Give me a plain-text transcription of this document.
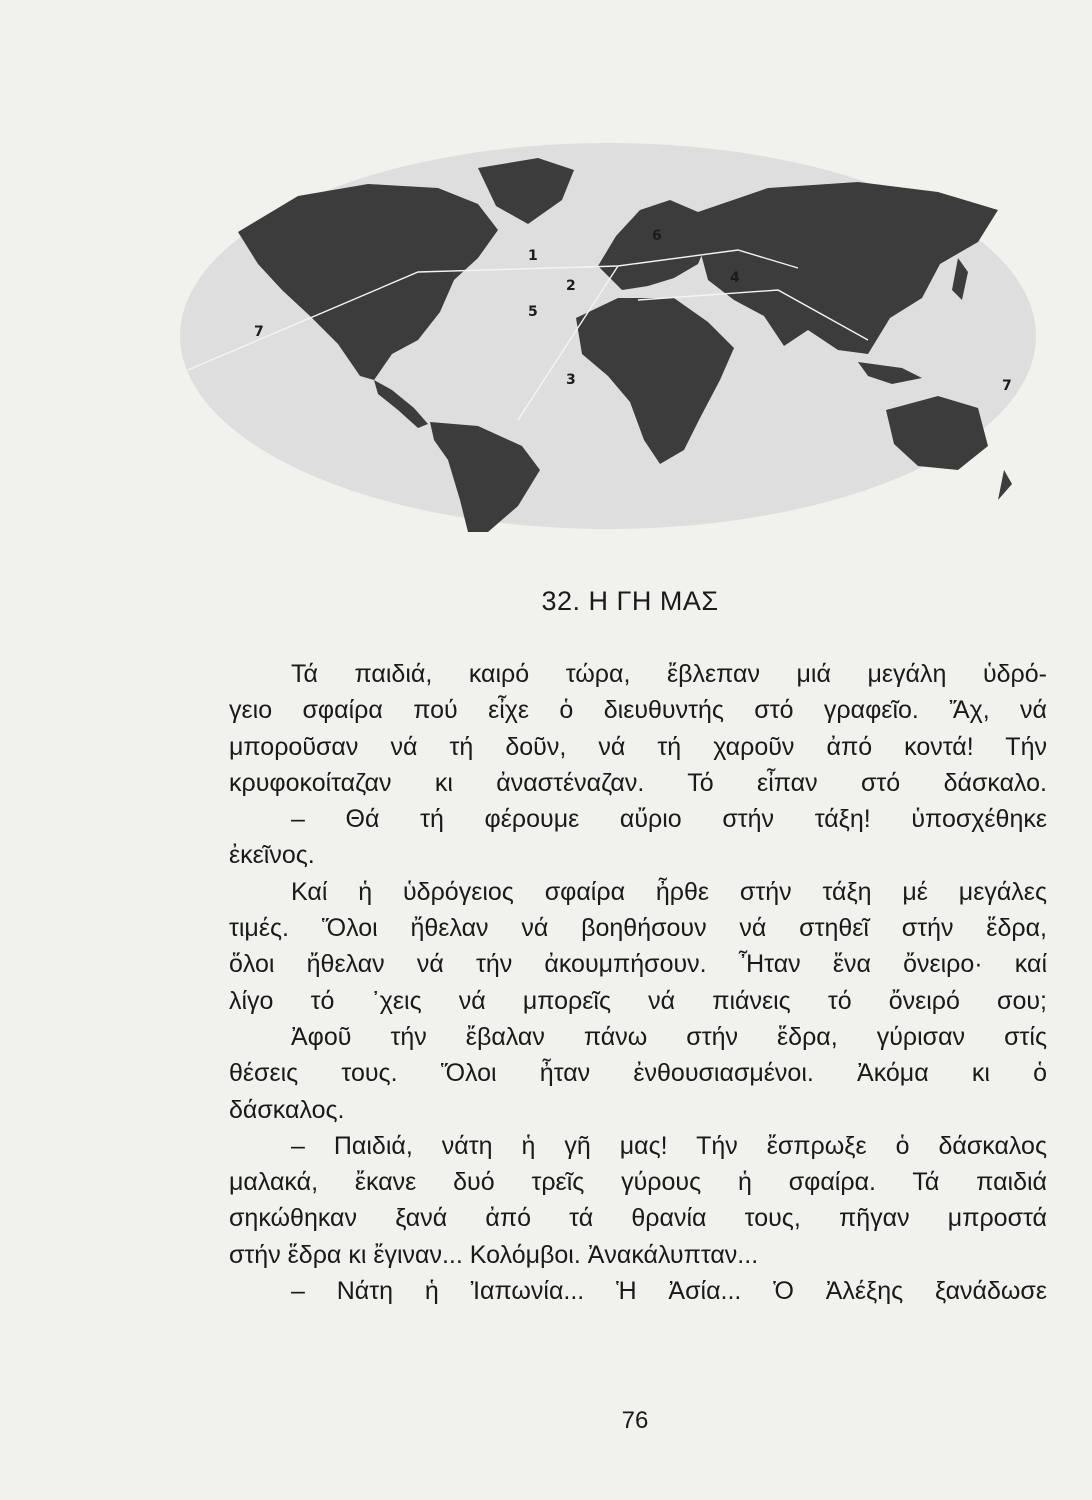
1
2
3
4
5
6
7
7
32. Η ΓΗ ΜΑΣ
Τά παιδιά, καιρό τώρα, ἔβλεπαν μιά μεγάλη ὑδρό-
γειο σφαίρα πού εἶχε ὁ διευθυντής στό γραφεῖο. Ἄχ, νά
μποροῦσαν νά τή δοῦν, νά τή χαροῦν ἀπό κοντά! Τήν
κρυφοκοίταζαν κι ἀναστέναζαν. Τό εἶπαν στό δάσκαλο.
– Θά τή φέρουμε αὔριο στήν τάξη! ὑποσχέθηκε
ἐκεῖνος.
Καί ἡ ὑδρόγειος σφαίρα ἦρθε στήν τάξη μέ μεγάλες
τιμές. Ὅλοι ἤθελαν νά βοηθήσουν νά στηθεῖ στήν ἕδρα,
ὅλοι ἤθελαν νά τήν ἀκουμπήσουν. Ἦταν ἕνα ὄνειρο· καί
λίγο τό ᾽χεις νά μπορεῖς νά πιάνεις τό ὄνειρό σου;
Ἀφοῦ τήν ἔβαλαν πάνω στήν ἕδρα, γύρισαν στίς
θέσεις τους. Ὅλοι ἦταν ἐνθουσιασμένοι. Ἀκόμα κι ὁ
δάσκαλος.
– Παιδιά, νάτη ἡ γῆ μας! Τήν ἔσπρωξε ὁ δάσκαλος
μαλακά, ἔκανε δυό τρεῖς γύρους ἡ σφαίρα. Τά παιδιά
σηκώθηκαν ξανά ἀπό τά θρανία τους, πῆγαν μπροστά
στήν ἕδρα κι ἔγιναν... Κολόμβοι. Ἀνακάλυπταν...
– Νάτη ἡ Ἰαπωνία... Ἡ Ἀσία... Ὁ Ἀλέξης ξανάδωσε
76
